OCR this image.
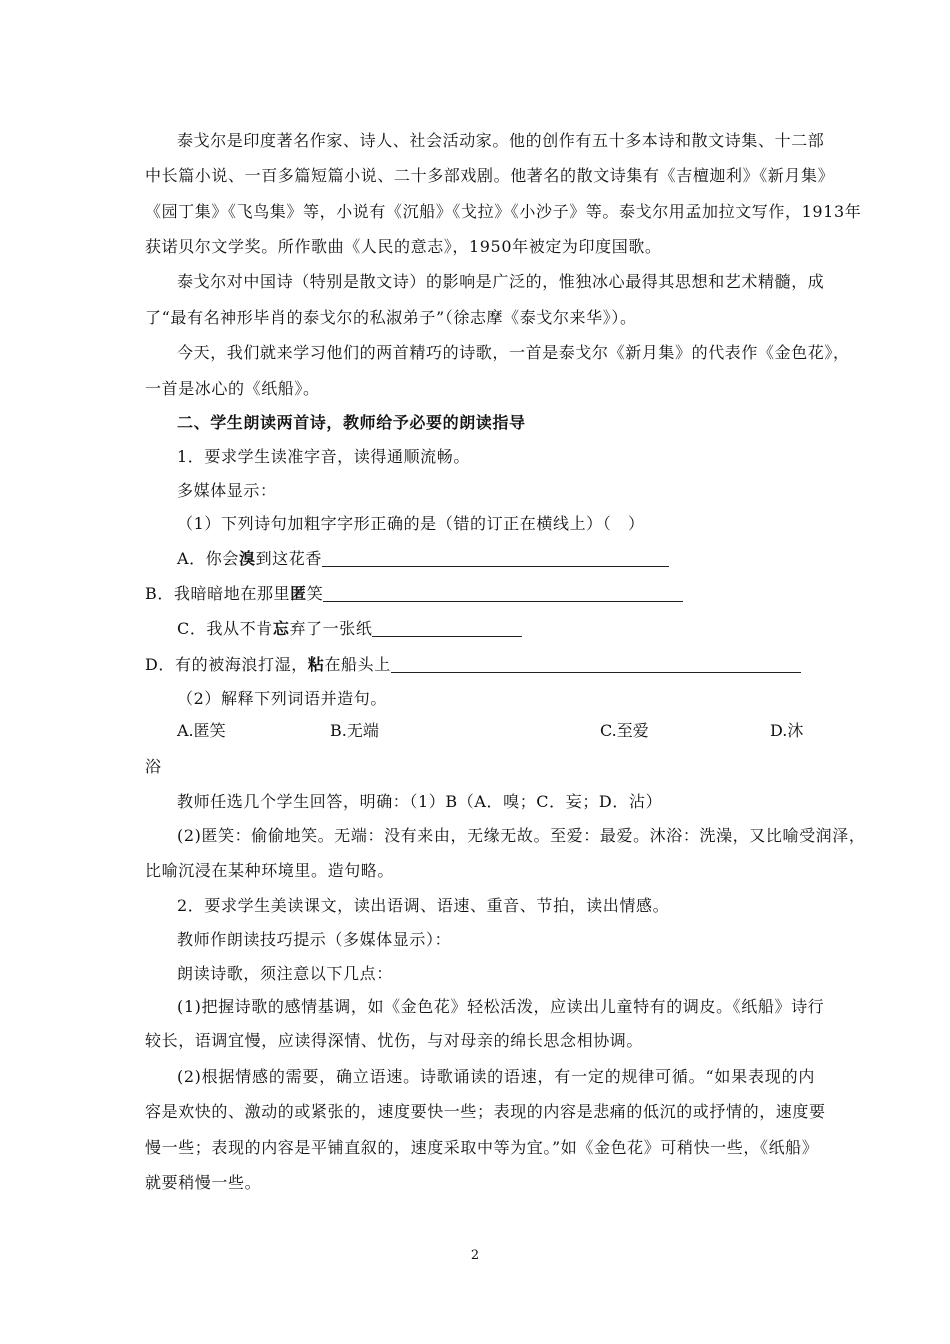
泰戈尔是印度著名作家、诗人、社会活动家。他的创作有五十多本诗和散文诗集、十二部
中长篇小说、一百多篇短篇小说、二十多部戏剧。他著名的散文诗集有《吉檀迦利》《新月集》
《园丁集》《飞鸟集》等，小说有《沉船》《戈拉》《小沙子》等。泰戈尔用孟加拉文写作，1913年
获诺贝尔文学奖。所作歌曲《人民的意志》，1950年被定为印度国歌。
泰戈尔对中国诗（特别是散文诗）的影响是广泛的，惟独冰心最得其思想和艺术精髓，成
了“最有名神形毕肖的泰戈尔的私淑弟子”（徐志摩《泰戈尔来华》）。
今天，我们就来学习他们的两首精巧的诗歌，一首是泰戈尔《新月集》的代表作《金色花》，
一首是冰心的《纸船》。
二、学生朗读两首诗，教师给予必要的朗读指导
1．要求学生读准字音，读得通顺流畅。
多媒体显示：
（1）下列诗句加粗字字形正确的是（错的订正在横线上）（　）
A．你会溴到这花香
B．我暗暗地在那里匿笑
C．我从不肯忘弃了一张纸
D．有的被海浪打湿，粘在船头上
（2）解释下列词语并造句。
A.匿笑	B.无端	C.至爱	D.沐
浴
教师任选几个学生回答，明确：（1）B（A．嗅；C．妄；D．沾）
(2)匿笑：偷偷地笑。无端：没有来由，无缘无故。至爱：最爱。沐浴：洗澡，又比喻受润泽，
比喻沉浸在某种环境里。造句略。
2．要求学生美读课文，读出语调、语速、重音、节拍，读出情感。
教师作朗读技巧提示（多媒体显示）：
朗读诗歌，须注意以下几点：
(1)把握诗歌的感情基调，如《金色花》轻松活泼，应读出儿童特有的调皮。《纸船》诗行
较长，语调宜慢，应读得深情、忧伤，与对母亲的绵长思念相协调。
(2)根据情感的需要，确立语速。诗歌诵读的语速，有一定的规律可循。“如果表现的内
容是欢快的、激动的或紧张的，速度要快一些；表现的内容是悲痛的低沉的或抒情的，速度要
慢一些；表现的内容是平铺直叙的，速度采取中等为宜。”如《金色花》可稍快一些，《纸船》
就要稍慢一些。
2
